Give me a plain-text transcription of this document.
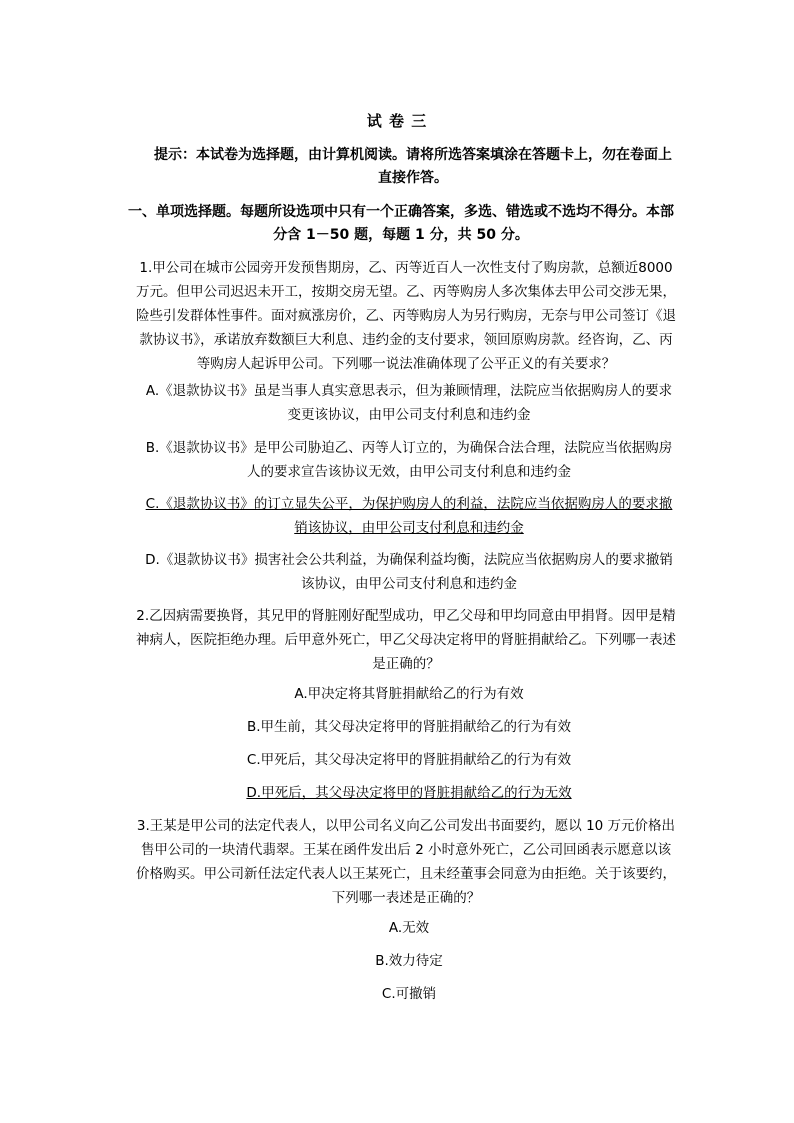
试 卷 三
提示：本试卷为选择题，由计算机阅读。请将所选答案填涂在答题卡上，勿在卷面上直接作答。
一、单项选择题。每题所设选项中只有一个正确答案，多选、错选或不选均不得分。本部分含 1－50 题，每题 1 分，共 50 分。
1.甲公司在城市公园旁开发预售期房，乙、丙等近百人一次性支付了购房款，总额近8000 万元。但甲公司迟迟未开工，按期交房无望。乙、丙等购房人多次集体去甲公司交涉无果，险些引发群体性事件。面对疯涨房价，乙、丙等购房人为另行购房，无奈与甲公司签订《退款协议书》，承诺放弃数额巨大利息、违约金的支付要求，领回原购房款。经咨询，乙、丙等购房人起诉甲公司。下列哪一说法准确体现了公平正义的有关要求？
A.《退款协议书》虽是当事人真实意思表示，但为兼顾情理，法院应当依据购房人的要求变更该协议，由甲公司支付利息和违约金
B.《退款协议书》是甲公司胁迫乙、丙等人订立的，为确保合法合理，法院应当依据购房人的要求宣告该协议无效，由甲公司支付利息和违约金
C.《退款协议书》的订立显失公平，为保护购房人的利益，法院应当依据购房人的要求撤销该协议，由甲公司支付利息和违约金
D.《退款协议书》损害社会公共利益，为确保利益均衡，法院应当依据购房人的要求撤销该协议，由甲公司支付利息和违约金
2.乙因病需要换肾，其兄甲的肾脏刚好配型成功，甲乙父母和甲均同意由甲捐肾。因甲是精神病人，医院拒绝办理。后甲意外死亡，甲乙父母决定将甲的肾脏捐献给乙。下列哪一表述是正确的？
A.甲决定将其肾脏捐献给乙的行为有效
B.甲生前，其父母决定将甲的肾脏捐献给乙的行为有效
C.甲死后，其父母决定将甲的肾脏捐献给乙的行为有效
D.甲死后，其父母决定将甲的肾脏捐献给乙的行为无效
3.王某是甲公司的法定代表人，以甲公司名义向乙公司发出书面要约，愿以 10 万元价格出售甲公司的一块清代翡翠。王某在函件发出后 2 小时意外死亡，乙公司回函表示愿意以该价格购买。甲公司新任法定代表人以王某死亡，且未经董事会同意为由拒绝。关于该要约，下列哪一表述是正确的？
A.无效
B.效力待定
C.可撤销
